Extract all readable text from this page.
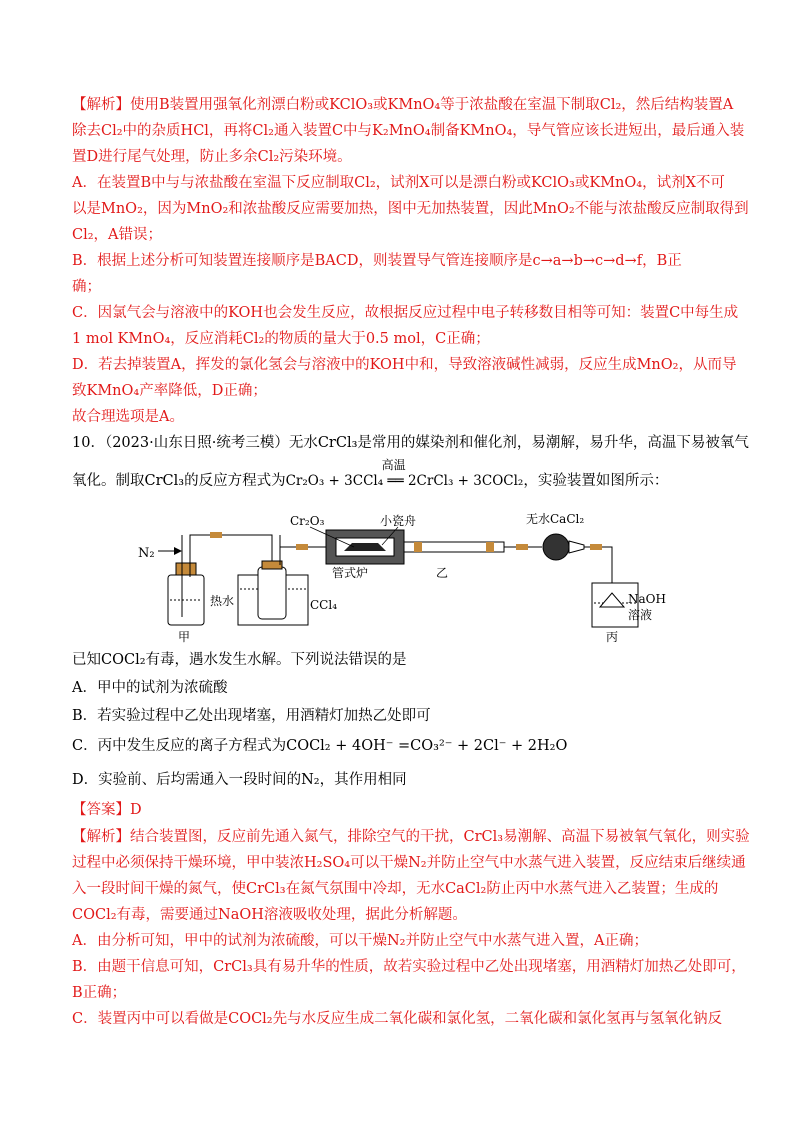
【解析】使用B装置用强氧化剂漂白粉或KClO₃或KMnO₄等于浓盐酸在室温下制取Cl₂，然后结构装置A
除去Cl₂中的杂质HCl，再将Cl₂通入装置C中与K₂MnO₄制备KMnO₄，导气管应该长进短出，最后通入装
置D进行尾气处理，防止多余Cl₂污染环境。
A．在装置B中与与浓盐酸在室温下反应制取Cl₂，试剂X可以是漂白粉或KClO₃或KMnO₄，试剂X不可
以是MnO₂，因为MnO₂和浓盐酸反应需要加热，图中无加热装置，因此MnO₂不能与浓盐酸反应制取得到
Cl₂，A错误；
B．根据上述分析可知装置连接顺序是BACD，则装置导气管连接顺序是c→a→b→c→d→f，B正
确；
C．因氯气会与溶液中的KOH也会发生反应，故根据反应过程中电子转移数目相等可知：装置C中每生成
1 mol KMnO₄，反应消耗Cl₂的物质的量大于0.5 mol，C正确；
D．若去掉装置A，挥发的氯化氢会与溶液中的KOH中和，导致溶液碱性减弱，反应生成MnO₂，从而导
致KMnO₄产率降低，D正确；
故合理选项是A。
10．（2023·山东日照·统考三模）无水CrCl₃是常用的媒染剂和催化剂，易潮解，易升华，高温下易被氧气
氧化。制取CrCl₃的反应方程式为
高温
Cr₂O₃ + 3CCl₄ ══ 2CrCl₃ + 3COCl₂，实验装置如图所示：
N₂
甲
热水	CCl₄
管式炉
Cr₂O₃	小瓷舟
乙
无水CaCl₂
NaOH
溶液
丙
已知COCl₂有毒，遇水发生水解。下列说法错误的是
A．甲中的试剂为浓硫酸
B．若实验过程中乙处出现堵塞，用酒精灯加热乙处即可
C．丙中发生反应的离子方程式为COCl₂ + 4OH⁻ =CO₃²⁻ + 2Cl⁻ + 2H₂O
D．实验前、后均需通入一段时间的N₂，其作用相同
【答案】D
【解析】结合装置图，反应前先通入氮气，排除空气的干扰，CrCl₃易潮解、高温下易被氧气氧化，则实验
过程中必须保持干燥环境，甲中装浓H₂SO₄可以干燥N₂并防止空气中水蒸气进入装置，反应结束后继续通
入一段时间干燥的氮气，使CrCl₃在氮气氛围中冷却，无水CaCl₂防止丙中水蒸气进入乙装置；生成的
COCl₂有毒，需要通过NaOH溶液吸收处理，据此分析解题。
A．由分析可知，甲中的试剂为浓硫酸，可以干燥N₂并防止空气中水蒸气进入置，A正确；
B．由题干信息可知，CrCl₃具有易升华的性质，故若实验过程中乙处出现堵塞，用酒精灯加热乙处即可，
B正确；
C．装置丙中可以看做是COCl₂先与水反应生成二氧化碳和氯化氢，二氧化碳和氯化氢再与氢氧化钠反
